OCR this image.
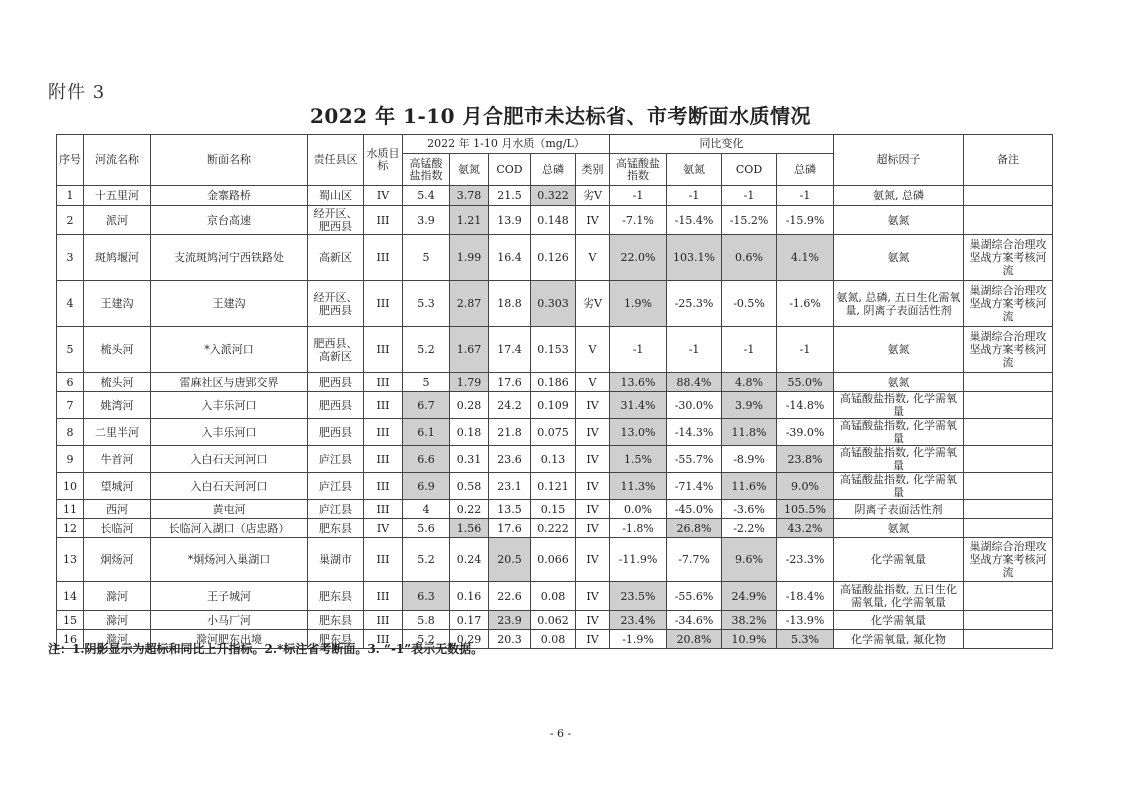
附件 3
2022 年 1-10 月合肥市未达标省、市考断面水质情况
序号	河流名称	断面名称	责任县区	水质目标	2022 年 1-10 月水质（mg/L）					同比变化				超标因子	备注
					高锰酸盐指数	氨氮	COD	总磷	类别	高锰酸盐指数	氨氮	COD	总磷		
1	十五里河	金寨路桥	蜀山区	IV	5.4	3.78	21.5	0.322	劣V	-1	-1	-1	-1	氨氮, 总磷	
2	派河	京台高速	经开区、肥西县	III	3.9	1.21	13.9	0.148	IV	-7.1%	-15.4%	-15.2%	-15.9%	氨氮	
3	斑鸠堰河	支流斑鸠河宁西铁路处	高新区	III	5	1.99	16.4	0.126	V	22.0%	103.1%	0.6%	4.1%	氨氮	巢湖综合治理攻坚战方案考核河流
4	王建沟	王建沟	经开区、肥西县	III	5.3	2.87	18.8	0.303	劣V	1.9%	-25.3%	-0.5%	-1.6%	氨氮, 总磷, 五日生化需氧量, 阴离子表面活性剂	巢湖综合治理攻坚战方案考核河流
5	梳头河	*入派河口	肥西县、高新区	III	5.2	1.67	17.4	0.153	V	-1	-1	-1	-1	氨氮	巢湖综合治理攻坚战方案考核河流
6	梳头河	雷麻社区与唐郢交界	肥西县	III	5	1.79	17.6	0.186	V	13.6%	88.4%	4.8%	55.0%	氨氮	
7	姚湾河	入丰乐河口	肥西县	III	6.7	0.28	24.2	0.109	IV	31.4%	-30.0%	3.9%	-14.8%	高锰酸盐指数, 化学需氧量	
8	二里半河	入丰乐河口	肥西县	III	6.1	0.18	21.8	0.075	IV	13.0%	-14.3%	11.8%	-39.0%	高锰酸盐指数, 化学需氧量	
9	牛首河	入白石天河河口	庐江县	III	6.6	0.31	23.6	0.13	IV	1.5%	-55.7%	-8.9%	23.8%	高锰酸盐指数, 化学需氧量	
10	望城河	入白石天河河口	庐江县	III	6.9	0.58	23.1	0.121	IV	11.3%	-71.4%	11.6%	9.0%	高锰酸盐指数, 化学需氧量	
11	西河	黄屯河	庐江县	III	4	0.22	13.5	0.15	IV	0.0%	-45.0%	-3.6%	105.5%	阴离子表面活性剂	
12	长临河	长临河入湖口（店忠路）	肥东县	IV	5.6	1.56	17.6	0.222	IV	-1.8%	26.8%	-2.2%	43.2%	氨氮	
13	炯炀河	*炯炀河入巢湖口	巢湖市	III	5.2	0.24	20.5	0.066	IV	-11.9%	-7.7%	9.6%	-23.3%	化学需氧量	巢湖综合治理攻坚战方案考核河流
14	滁河	王子城河	肥东县	III	6.3	0.16	22.6	0.08	IV	23.5%	-55.6%	24.9%	-18.4%	高锰酸盐指数, 五日生化需氧量, 化学需氧量	
15	滁河	小马厂河	肥东县	III	5.8	0.17	23.9	0.062	IV	23.4%	-34.6%	38.2%	-13.9%	化学需氧量	
16	滁河	滁河肥东出境	肥东县	III	5.2	0.29	20.3	0.08	IV	-1.9%	20.8%	10.9%	5.3%	化学需氧量, 氟化物	
注：1.阴影显示为超标和同比上升指标。2.*标注省考断面。3. “-1”表示无数据。
- 6 -
